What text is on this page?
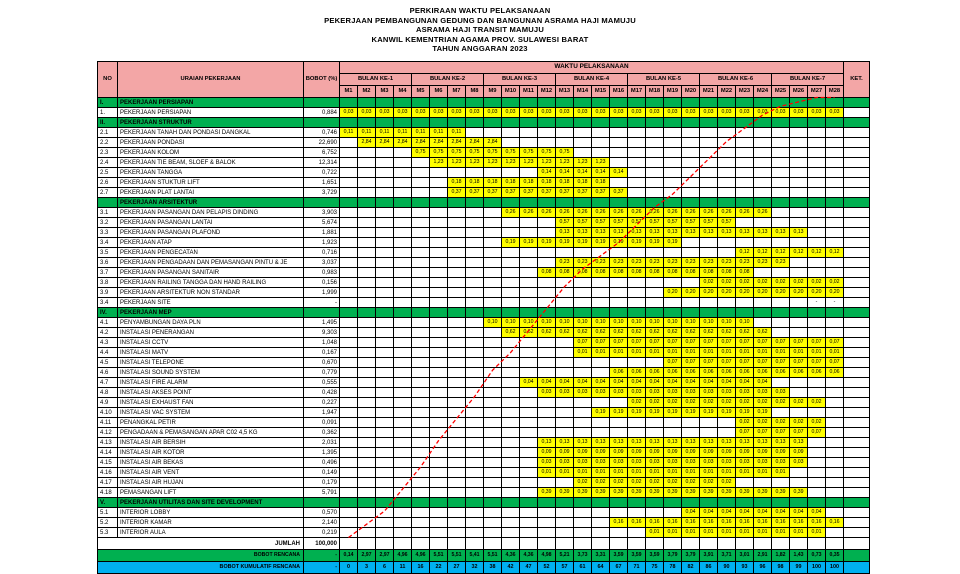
PERKIRAAN WAKTU PELAKSANAAN
PEKERJAAN PEMBANGUNAN GEDUNG DAN BANGUNAN ASRAMA HAJI MAMUJU
ASRAMA HAJI TRANSIT MAMUJU
KANWIL KEMENTRIAN AGAMA PROV. SULAWESI BARAT
TAHUN ANGGARAN 2023
NO	URAIAN PEKERJAAN	BOBOT (%)	WAKTU PELAKSANAAN																												KET.
			BULAN KE-1				BULAN KE-2				BULAN KE-3				BULAN KE-4				BULAN KE-5				BULAN KE-6				BULAN KE-7				
			M1	M2	M3	M4	M5	M6	M7	M8	M9	M10	M11	M12	M13	M14	M15	M16	M17	M18	M19	M20	M21	M22	M23	M24	M25	M26	M27	M28	
I.	PEKERJAAN PERSIAPAN																														
1.	PEKERJAAN PERSIAPAN	0,884	0,03	0,03	0,03	0,03	0,03	0,03	0,03	0,03	0,03	0,03	0,03	0,03	0,03	0,03	0,03	0,03	0,03	0,03	0,03	0,03	0,03	0,03	0,03	0,03	0,03	0,03	0,03	0,03	
II.	PEKERJAAN STRUKTUR																														
2.1	PEKERJAAN TANAH DAN PONDASI DANGKAL	0,746	0,11	0,11	0,11	0,11	0,11	0,11	0,11																						
2.2	PEKERJAAN PONDASI	22,690		2,84	2,84	2,84	2,84	2,84	2,84	2,84	2,84																				
2.3	PEKERJAAN KOLOM	6,752					0,75	0,75	0,75	0,75	0,75	0,75	0,75	0,75	0,75																
2.4	PEKERJAAN TIE BEAM, SLOEF & BALOK	12,314						1,23	1,23	1,23	1,23	1,23	1,23	1,23	1,23	1,23	1,23														
2.5	PEKERJAAN TANGGA	0,722												0,14	0,14	0,14	0,14	0,14													
2.6	PEKERJAAN STUKTUR LIFT	1,651							0,18	0,18	0,18	0,18	0,18	0,18	0,18	0,18	0,18														
2.7	PEKERJAAN PLAT LANTAI	3,729							0,37	0,37	0,37	0,37	0,37	0,37	0,37	0,37	0,37	0,37													
	PEKERJAAN ARSITEKTUR																														
3.1	PEKERJAAN PASANGAN DAN PELAPIS DINDING	3,903										0,26	0,26	0,26	0,26	0,26	0,26	0,26	0,26	0,26	0,26	0,26	0,26	0,26	0,26	0,26					
3.2	PEKERJAAN PASANGAN LANTAI	5,674													0,57	0,57	0,57	0,57	0,57	0,57	0,57	0,57	0,57	0,57							
3.3	PEKERJAAN PASANGAN PLAFOND	1,881													0,13	0,13	0,13	0,13	0,13	0,13	0,13	0,13	0,13	0,13	0,13	0,13	0,13	0,13			
3.4	PEKERJAAN ATAP	1,923										0,19	0,19	0,19	0,19	0,19	0,19	0,19	0,19	0,19	0,19										
3.5	PEKERJAAN PENGECATAN	0,716																							0,12	0,12	0,12	0,12	0,12	0,12	
3.6	PEKERJAAN PENGADAAN DAN PEMASANGAN PINTU & JE	3,037													0,23	0,23	0,23	0,23	0,23	0,23	0,23	0,23	0,23	0,23	0,23	0,23	0,23				
3.7	PEKERJAAN PASANGAN SANITAIR	0,983												0,08	0,08	0,08	0,08	0,08	0,08	0,08	0,08	0,08	0,08	0,08	0,08						
3.8	PEKERJAAN RAILING TANGGA DAN HAND RAILING	0,156																					0,02	0,02	0,02	0,02	0,02	0,02	0,02	0,02	
3.9	PEKERJAAN ARSITEKTUR NON STANDAR	1,999																			0,20	0,20	0,20	0,20	0,20	0,20	0,20	0,20	0,20	0,20	
3.4	PEKERJAAN SITE	-																											-	-	
IV.	PEKERJAAN MEP																														
4.1	PENYAMBUNGAN DAYA PLN	1,495									0,10	0,10	0,10	0,10	0,10	0,10	0,10	0,10	0,10	0,10	0,10	0,10	0,10	0,10	0,10						
4.2	INSTALASI PENERANGAN	9,303										0,62	0,62	0,62	0,62	0,62	0,62	0,62	0,62	0,62	0,62	0,62	0,62	0,62	0,62	0,62					
4.3	INSTALASI CCTV	1,048														0,07	0,07	0,07	0,07	0,07	0,07	0,07	0,07	0,07	0,07	0,07	0,07	0,07	0,07	0,07	
4.4	INSTALASI MATV	0,167														0,01	0,01	0,01	0,01	0,01	0,01	0,01	0,01	0,01	0,01	0,01	0,01	0,01	0,01	0,01	
4.5	INSTALASI TELEPONE	0,670																			0,07	0,07	0,07	0,07	0,07	0,07	0,07	0,07	0,07	0,07	
4.6	INSTALASI SOUND SYSTEM	0,779																0,06	0,06	0,06	0,06	0,06	0,06	0,06	0,06	0,06	0,06	0,06	0,06	0,06	
4.7	INSTALASI FIRE ALARM	0,555											0,04	0,04	0,04	0,04	0,04	0,04	0,04	0,04	0,04	0,04	0,04	0,04	0,04	0,04					
4.8	INSTALASI AKSES POINT	0,428												0,03	0,03	0,03	0,03	0,03	0,03	0,03	0,03	0,03	0,03	0,03	0,03	0,03	0,03				
4.9	INSTALASI EXHAUST FAN	0,227																	0,02	0,02	0,02	0,02	0,02	0,02	0,02	0,02	0,02	0,02	0,02		
4.10	INSTALASI VAC SYSTEM	1,947															0,19	0,19	0,19	0,19	0,19	0,19	0,19	0,19	0,19	0,19					
4.11	PENANGKAL PETIR	0,091																							0,02	0,02	0,02	0,02	0,02		
4.12	PENGADAAN & PEMASANGAN APAR C02 4,5 KG	0,362																							0,07	0,07	0,07	0,07	0,07		
4.13	INSTALASI AIR BERSIH	2,031												0,13	0,13	0,13	0,13	0,13	0,13	0,13	0,13	0,13	0,13	0,13	0,13	0,13	0,13	0,13			
4.14	INSTALASI AIR KOTOR	1,395												0,09	0,09	0,09	0,09	0,09	0,09	0,09	0,09	0,09	0,09	0,09	0,09	0,09	0,09	0,09			
4.15	INSTALASI AIR BEKAS	0,496												0,03	0,03	0,03	0,03	0,03	0,03	0,03	0,03	0,03	0,03	0,03	0,03	0,03	0,03	0,03			
4.16	INSTALASI AIR VENT	0,149												0,01	0,01	0,01	0,01	0,01	0,01	0,01	0,01	0,01	0,01	0,01	0,01	0,01	0,01				
4.17	INSTALASI AIR HUJAN	0,179														0,02	0,02	0,02	0,02	0,02	0,02	0,02	0,02	0,02							
4.18	PEMASANGAN LIFT	5,791												0,39	0,39	0,39	0,39	0,39	0,39	0,39	0,39	0,39	0,39	0,39	0,39	0,39	0,39	0,39			
V.	PEKERJAAN UTILITAS DAN SITE DEVELOPMENT																														
5.1	INTERIOR LOBBY	0,570																				0,04	0,04	0,04	0,04	0,04	0,04	0,04	0,04		
5.2	INTERIOR KAMAR	2,140																0,16	0,16	0,16	0,16	0,16	0,16	0,16	0,16	0,16	0,16	0,16	0,16	0,16	
5.3	INTERIOR AULA	0,219																		0,01	0,01	0,01	0,01	0,01	0,01	0,01	0,01	0,01	0,01		
JUMLAH		100,000																													
BOBOT RENCANA		-	0,14	2,97	2,97	4,96	4,96	5,51	5,51	5,41	5,51	4,36	4,36	4,98	5,21	3,73	3,31	3,59	3,59	3,59	3,79	3,79	3,91	3,71	3,01	2,91	1,82	1,43	0,73	0,35	
BOBOT KUMULATIF RENCANA		-	0	3	6	11	16	22	27	32	38	42	47	52	57	61	64	67	71	75	78	82	86	90	93	96	98	99	100	100	
